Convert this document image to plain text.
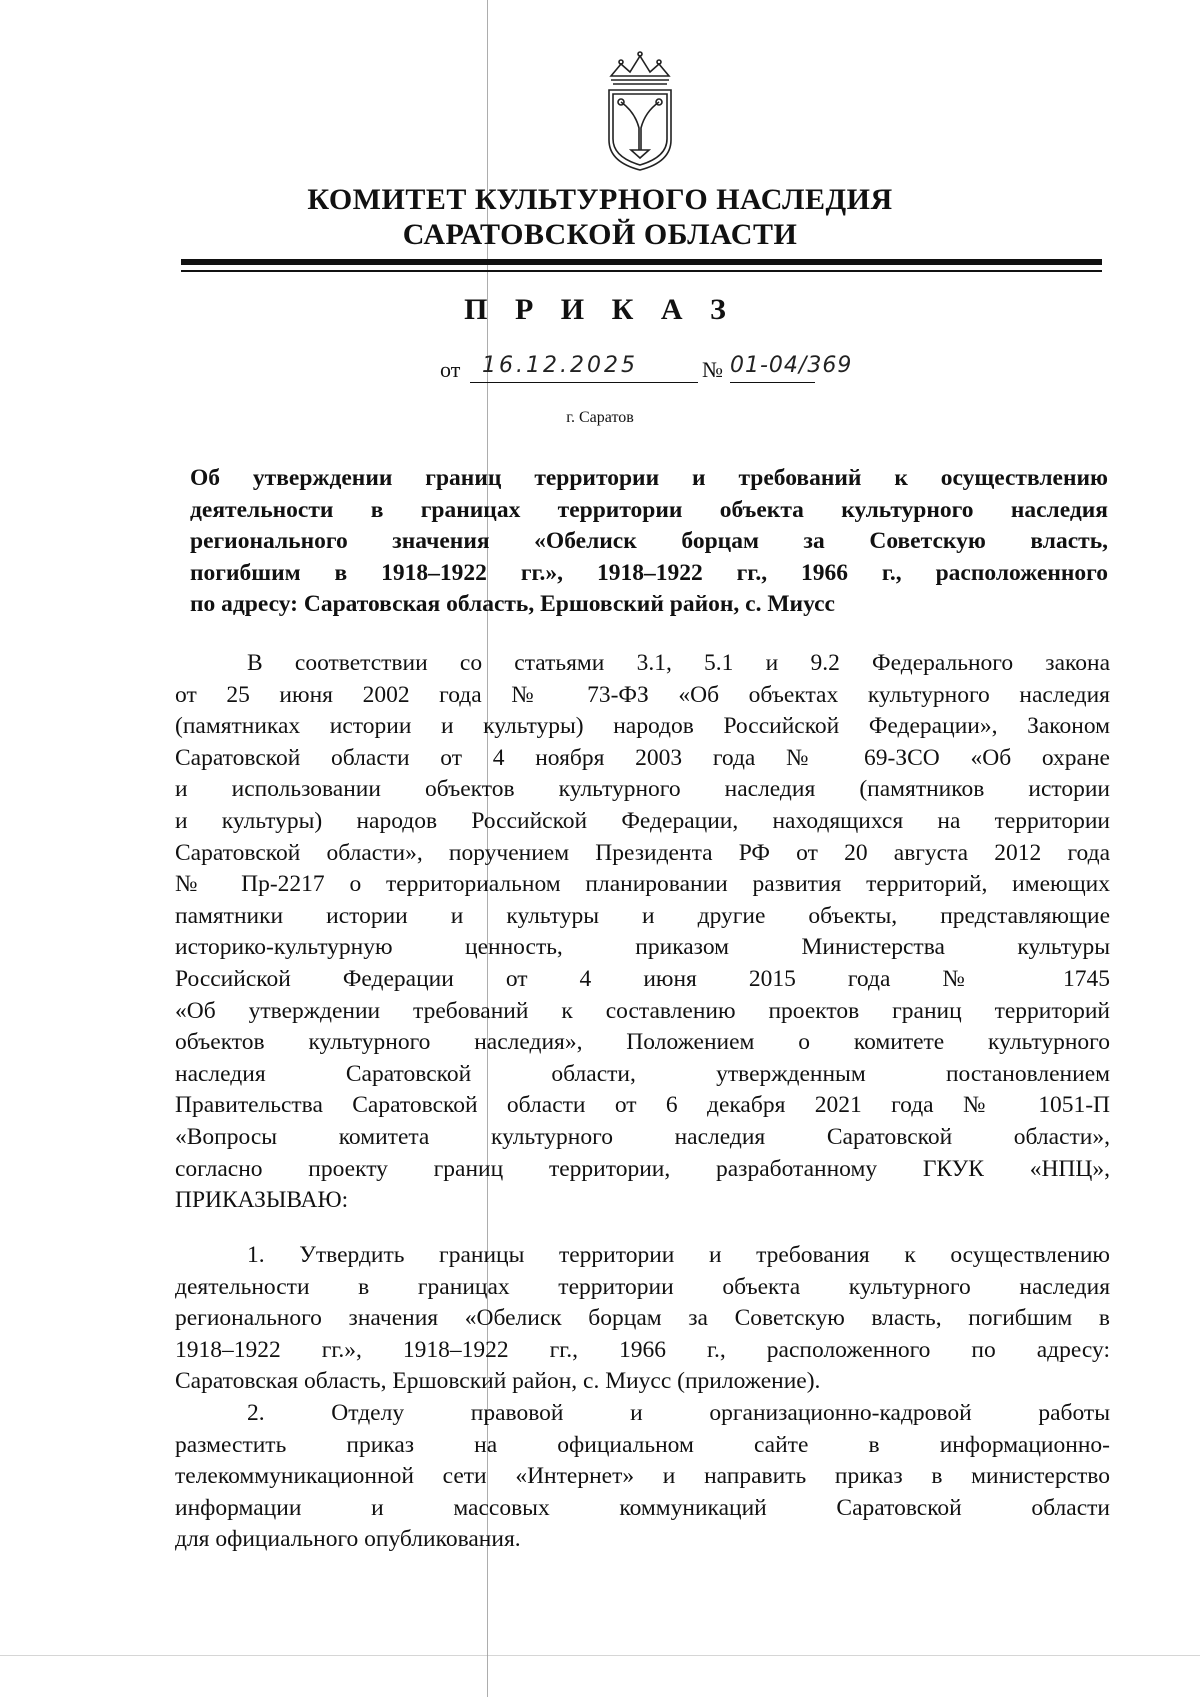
КОМИТЕТ КУЛЬТУРНОГО НАСЛЕДИЯ
САРАТОВСКОЙ ОБЛАСТИ
П Р И К А З
от 16.12.2025	№ 01-04/369
г. Саратов
Об утверждении границ территории и требований к осуществлению
деятельности в границах территории объекта культурного наследия
регионального значения «Обелиск борцам за Советскую власть,
погибшим в 1918–1922 гг.», 1918–1922 гг., 1966 г., расположенного
по адресу: Саратовская область, Ершовский район, с. Миусс
В соответствии со статьями 3.1, 5.1 и 9.2 Федерального закона
от 25 июня 2002 года № 73-ФЗ «Об объектах культурного наследия
(памятниках истории и культуры) народов Российской Федерации», Законом
Саратовской области от 4 ноября 2003 года № 69-ЗСО «Об охране
и использовании объектов культурного наследия (памятников истории
и культуры) народов Российской Федерации, находящихся на территории
Саратовской области», поручением Президента РФ от 20 августа 2012 года
№ Пр-2217 о территориальном планировании развития территорий, имеющих
памятники истории и культуры и другие объекты, представляющие
историко-культурную ценность, приказом Министерства культуры
Российской Федерации от 4 июня 2015 года № 1745
«Об утверждении требований к составлению проектов границ территорий
объектов культурного наследия», Положением о комитете культурного
наследия Саратовской области, утвержденным постановлением
Правительства Саратовской области от 6 декабря 2021 года № 1051-П
«Вопросы комитета культурного наследия Саратовской области»,
согласно проекту границ территории, разработанному ГКУК «НПЦ»,
ПРИКАЗЫВАЮ:
1. Утвердить границы территории и требования к осуществлению
деятельности в границах территории объекта культурного наследия
регионального значения «Обелиск борцам за Советскую власть, погибшим в
1918–1922 гг.», 1918–1922 гг., 1966 г., расположенного по адресу:
Саратовская область, Ершовский район, с. Миусс (приложение).
2. Отделу правовой и организационно-кадровой работы
разместить приказ на официальном сайте в информационно-
телекоммуникационной сети «Интернет» и направить приказ в министерство
информации и массовых коммуникаций Саратовской области
для официального опубликования.
